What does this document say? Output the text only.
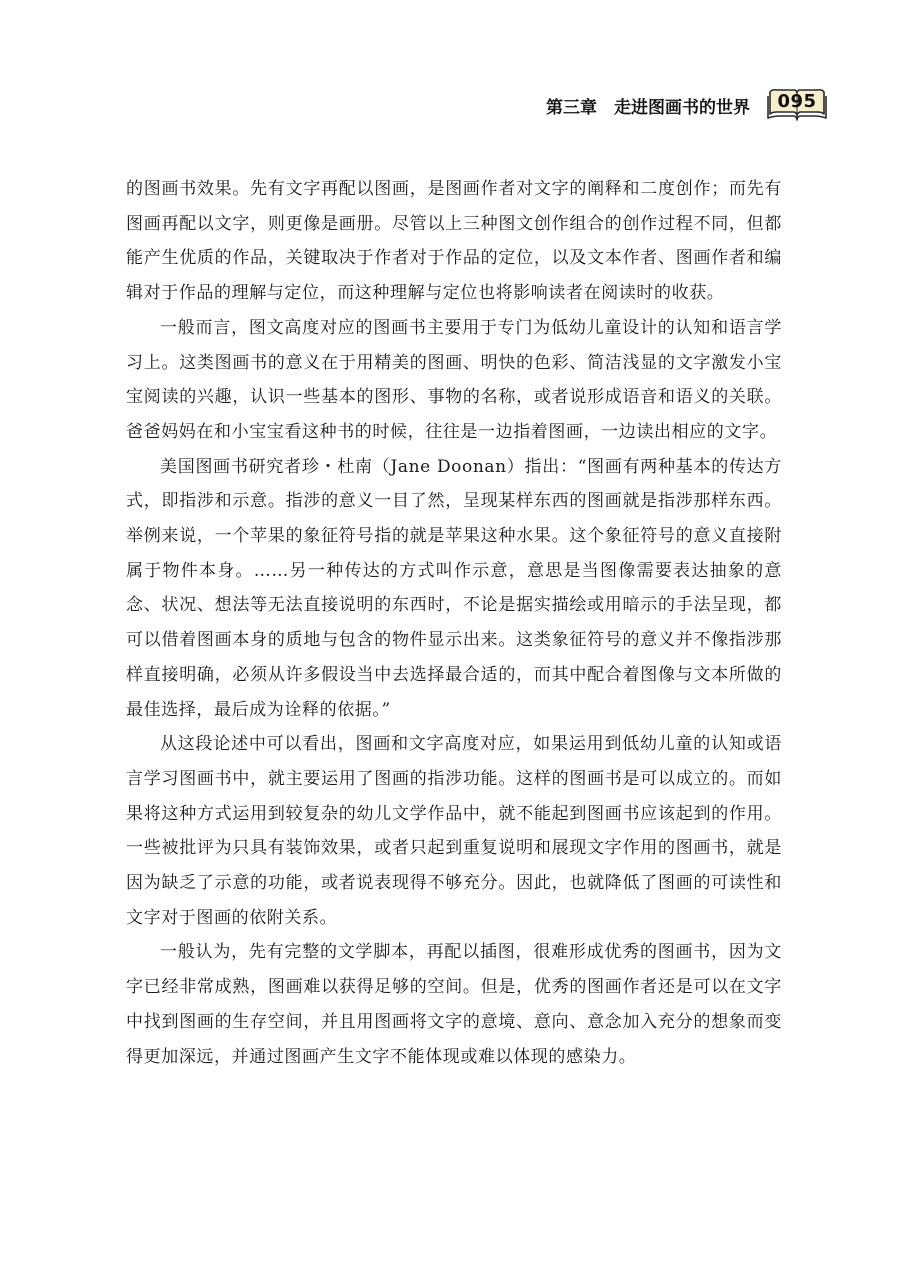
第三章　走进图画书的世界	095

的图画书效果。先有文字再配以图画，是图画作者对文字的阐释和二度创作；而先有图画再配以文字，则更像是画册。尽管以上三种图文创作组合的创作过程不同，但都能产生优质的作品，关键取决于作者对于作品的定位，以及文本作者、图画作者和编辑对于作品的理解与定位，而这种理解与定位也将影响读者在阅读时的收获。

一般而言，图文高度对应的图画书主要用于专门为低幼儿童设计的认知和语言学习上。这类图画书的意义在于用精美的图画、明快的色彩、简洁浅显的文字激发小宝宝阅读的兴趣，认识一些基本的图形、事物的名称，或者说形成语音和语义的关联。爸爸妈妈在和小宝宝看这种书的时候，往往是一边指着图画，一边读出相应的文字。

美国图画书研究者珍・杜南（Jane Doonan）指出：“图画有两种基本的传达方式，即指涉和示意。指涉的意义一目了然，呈现某样东西的图画就是指涉那样东西。举例来说，一个苹果的象征符号指的就是苹果这种水果。这个象征符号的意义直接附属于物件本身。……另一种传达的方式叫作示意，意思是当图像需要表达抽象的意念、状况、想法等无法直接说明的东西时，不论是据实描绘或用暗示的手法呈现，都可以借着图画本身的质地与包含的物件显示出来。这类象征符号的意义并不像指涉那样直接明确，必须从许多假设当中去选择最合适的，而其中配合着图像与文本所做的最佳选择，最后成为诠释的依据。”

从这段论述中可以看出，图画和文字高度对应，如果运用到低幼儿童的认知或语言学习图画书中，就主要运用了图画的指涉功能。这样的图画书是可以成立的。而如果将这种方式运用到较复杂的幼儿文学作品中，就不能起到图画书应该起到的作用。一些被批评为只具有装饰效果，或者只起到重复说明和展现文字作用的图画书，就是因为缺乏了示意的功能，或者说表现得不够充分。因此，也就降低了图画的可读性和文字对于图画的依附关系。

一般认为，先有完整的文学脚本，再配以插图，很难形成优秀的图画书，因为文字已经非常成熟，图画难以获得足够的空间。但是，优秀的图画作者还是可以在文字中找到图画的生存空间，并且用图画将文字的意境、意向、意念加入充分的想象而变得更加深远，并通过图画产生文字不能体现或难以体现的感染力。
